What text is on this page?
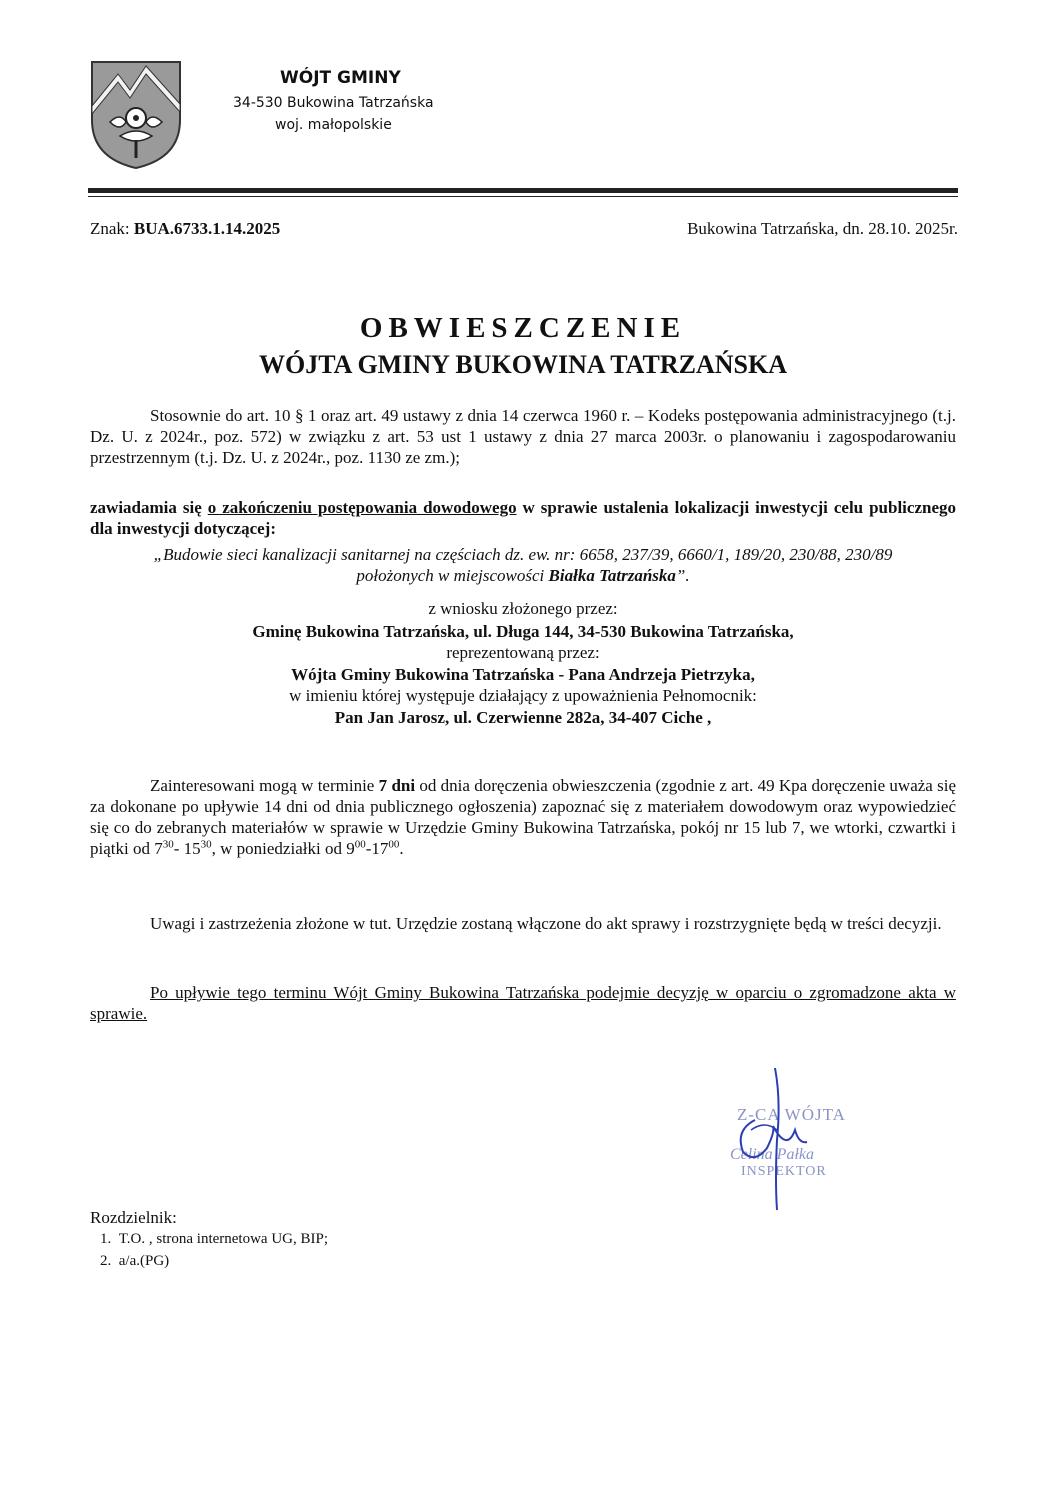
WÓJT GMINY
34-530 Bukowina Tatrzańska
woj. małopolskie
Znak: BUA.6733.1.14.2025	Bukowina Tatrzańska, dn. 28.10. 2025r.
OBWIESZCZENIE
WÓJTA GMINY BUKOWINA TATRZAŃSKA
Stosownie do art. 10 § 1 oraz art. 49 ustawy z dnia 14 czerwca 1960 r. – Kodeks postępowania administracyjnego (t.j. Dz. U. z 2024r., poz. 572) w związku z art. 53 ust 1 ustawy z dnia 27 marca 2003r. o planowaniu i zagospodarowaniu przestrzennym (t.j. Dz. U. z 2024r., poz. 1130 ze zm.);
zawiadamia się o zakończeniu postępowania dowodowego w sprawie ustalenia lokalizacji inwestycji celu publicznego dla inwestycji dotyczącej:
„Budowie sieci kanalizacji sanitarnej na częściach dz. ew. nr: 6658, 237/39, 6660/1, 189/20, 230/88, 230/89
położonych w miejscowości Białka Tatrzańska”.
z wniosku złożonego przez:
Gminę Bukowina Tatrzańska, ul. Długa 144, 34-530 Bukowina Tatrzańska,
reprezentowaną przez:
Wójta Gminy Bukowina Tatrzańska - Pana Andrzeja Pietrzyka,
w imieniu której występuje działający z upoważnienia Pełnomocnik:
Pan Jan Jarosz, ul. Czerwienne 282a, 34-407 Ciche ,
Zainteresowani mogą w terminie 7 dni od dnia doręczenia obwieszczenia (zgodnie z art. 49 Kpa doręczenie uważa się za dokonane po upływie 14 dni od dnia publicznego ogłoszenia) zapoznać się z materiałem dowodowym oraz wypowiedzieć się co do zebranych materiałów w sprawie w Urzędzie Gminy Bukowina Tatrzańska, pokój nr 15 lub 7, we wtorki, czwartki i piątki od $7^{30}-$ $15^{30}$, w poniedziałki od $9^{00}-17^{00}$.
Uwagi i zastrzeżenia złożone w tut. Urzędzie zostaną włączone do akt sprawy i rozstrzygnięte będą w treści decyzji.
Po upływie tego terminu Wójt Gminy Bukowina Tatrzańska podejmie decyzję w oparciu o zgromadzone akta w sprawie.
Z-CA WÓJTA
Celina Pałka
INSPEKTOR
Rozdzielnik:
1.  T.O. , strona internetowa UG, BIP;
2.  a/a.(PG)
